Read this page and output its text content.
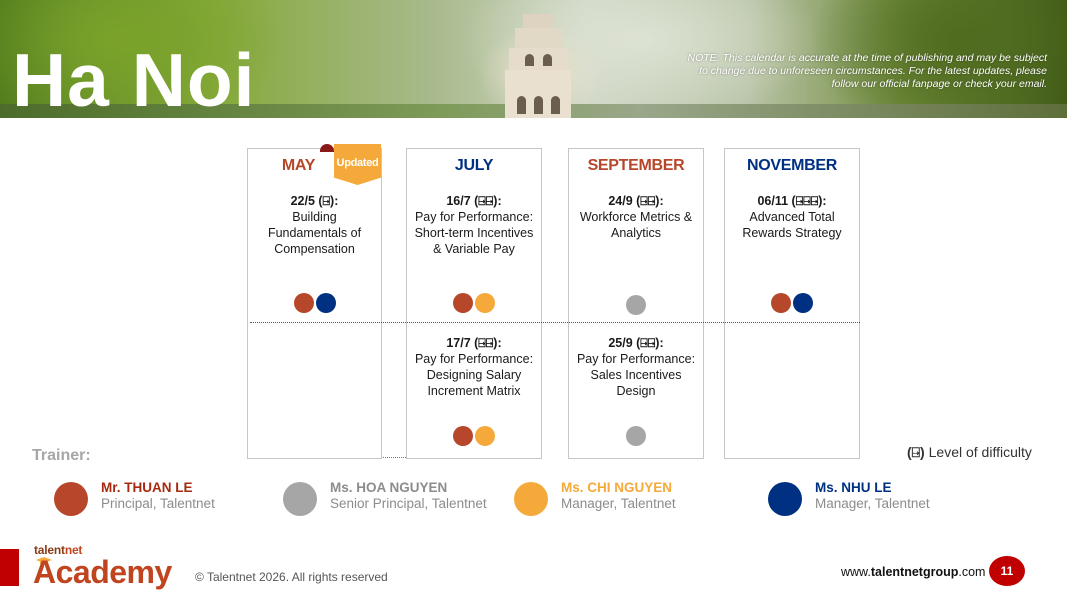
Ha Noi	NOTE: This calendar is accurate at the time of publishing and may be subject to change due to unforeseen circumstances. For the latest updates, please follow our official fanpage or check your email.
MAY
22/5 (⍈):
Building Fundamentals of Compensation
Updated	JULY
16/7 (⍈⍈):
Pay for Performance: Short-term Incentives & Variable Pay
17/7 (⍈⍈):
Pay for Performance: Designing Salary Increment Matrix
SEPTEMBER
24/9 (⍈⍈):
Workforce Metrics & Analytics
25/9 (⍈⍈):
Pay for Performance: Sales Incentives Design
NOVEMBER
06/11 (⍈⍈⍈):
Advanced Total Rewards Strategy
Trainer:	(⍈) Level of difficulty
Mr. THUAN LE
Principal, Talentnet
Ms. HOA NGUYEN
Senior Principal, Talentnet
Ms. CHI NGUYEN
Manager, Talentnet
Ms. NHU LE
Manager, Talentnet
talentnet
Academy © Talentnet 2026. All rights reserved	www.talentnetgroup.com	11
